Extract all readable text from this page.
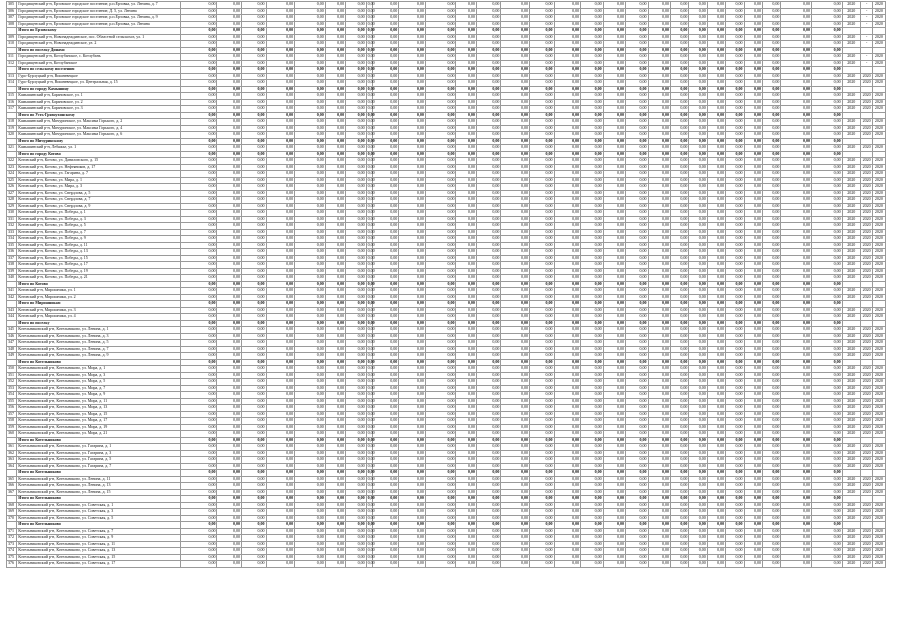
305	Городищенский р-н, Ерзовское городское поселение, р.п.Ерзовка, ул. Ленина, д. 7	0,00	0,00	0,00	0,00	0,00	0,00	0,00	0,00	0,00	0,00	0,00	0,00	0,00	0,00	0,00	0,00	0,00	0,00	0,00	0,00	0,00	0,00	0,00	0,00	0,00	0,00	0,00	0,00	2020	-	2020
306	Городищенский р-н, Ерзовское городское поселение, Д. 5, ул. Ленина	0,00	0,00	0,00	0,00	0,00	0,00	0,00	0,00	0,00	0,00	0,00	0,00	0,00	0,00	0,00	0,00	0,00	0,00	0,00	0,00	0,00	0,00	0,00	0,00	0,00	0,00	0,00	0,00	2020	-	2020
307	Городищенский р-н, Ерзовское городское поселение, р.п.Ерзовка, ул. Ленина, д. 9	0,00	0,00	0,00	0,00	0,00	0,00	0,00	0,00	0,00	0,00	0,00	0,00	0,00	0,00	0,00	0,00	0,00	0,00	0,00	0,00	0,00	0,00	0,00	0,00	0,00	0,00	0,00	0,00	2020	-	2020
308	Городищенский р-н, Ерзовское городское поселение, р.п.Ерзовка, ул. Ленина	0,00	0,00	0,00	0,00	0,00	0,00	0,00	0,00	0,00	0,00	0,00	0,00	0,00	0,00	0,00	0,00	0,00	0,00	0,00	0,00	0,00	0,00	0,00	0,00	0,00	0,00	0,00	0,00	2020	-	2020
	Итого по Ерзовскому	0,00	0,00	0,00	0,00	0,00	0,00	0,00	0,00	0,00	0,00	0,00	0,00	0,00	0,00	0,00	0,00	0,00	0,00	0,00	0,00	0,00	0,00	0,00	0,00	0,00	0,00	0,00	0,00			
309	Городищенский р-н, Новонадеждинское, пос. Областной сельскохоз, ул. 1	0,00	0,00	0,00	0,00	0,00	0,00	0,00	0,00	0,00	0,00	0,00	0,00	0,00	0,00	0,00	0,00	0,00	0,00	0,00	0,00	0,00	0,00	0,00	0,00	0,00	0,00	0,00	0,00	2020	-	2020
310	Городищенский р-н, Новонадеждинское, ул. 2	0,00	0,00	0,00	0,00	0,00	0,00	0,00	0,00	0,00	0,00	0,00	0,00	0,00	0,00	0,00	0,00	0,00	0,00	0,00	0,00	0,00	0,00	0,00	0,00	0,00	0,00	0,00	0,00	2020	-	2020
	Итого по поселку Динамо	0,00	0,00	0,00	0,00	0,00	0,00	0,00	0,00	0,00	0,00	0,00	0,00	0,00	0,00	0,00	0,00	0,00	0,00	0,00	0,00	0,00	0,00	0,00	0,00	0,00	0,00	0,00	0,00			
311	Городищенский р-н, Котлубанское, с. Котлубань	0,00	0,00	0,00	0,00	0,00	0,00	0,00	0,00	0,00	0,00	0,00	0,00	0,00	0,00	0,00	0,00	0,00	0,00	0,00	0,00	0,00	0,00	0,00	0,00	0,00	0,00	0,00	0,00	2020	-	2020
312	Городищенский р-н, Котлубанское	0,00	0,00	0,00	0,00	0,00	0,00	0,00	0,00	0,00	0,00	0,00	0,00	0,00	0,00	0,00	0,00	0,00	0,00	0,00	0,00	0,00	0,00	0,00	0,00	0,00	0,00	0,00	0,00	2020	-	2020
	Итого по сельскому поселению	0,00	0,00	0,00	0,00	0,00	0,00	0,00	0,00	0,00	0,00	0,00	0,00	0,00	0,00	0,00	0,00	0,00	0,00	0,00	0,00	0,00	0,00	0,00	0,00	0,00	0,00	0,00	0,00			
313	Гуро-Бурлуцкий р-н, Вишневецкое	0,00	0,00	0,00	0,00	0,00	0,00	0,00	0,00	0,00	0,00	0,00	0,00	0,00	0,00	0,00	0,00	0,00	0,00	0,00	0,00	0,00	0,00	0,00	0,00	0,00	0,00	0,00	0,00	2020	2020	2020
314	Гуро-Бурлуцкий р-н, Вишневецкое, ул. Центральная, д. 15	0,00	0,00	0,00	0,00	0,00	0,00	0,00	0,00	0,00	0,00	0,00	0,00	0,00	0,00	0,00	0,00	0,00	0,00	0,00	0,00	0,00	0,00	0,00	0,00	0,00	0,00	0,00	0,00	2020	2020	2020
	Итого по городу Камышину	0,00	0,00	0,00	0,00	0,00	0,00	0,00	0,00	0,00	0,00	0,00	0,00	0,00	0,00	0,00	0,00	0,00	0,00	0,00	0,00	0,00	0,00	0,00	0,00	0,00	0,00	0,00	0,00			
315	Камышинский р-н, Барановское, ул. 1	0,00	0,00	0,00	0,00	0,00	0,00	0,00	0,00	0,00	0,00	0,00	0,00	0,00	0,00	0,00	0,00	0,00	0,00	0,00	0,00	0,00	0,00	0,00	0,00	0,00	0,00	0,00	0,00	2020	2020	2020
316	Камышинский р-н, Барановское, ул. 2	0,00	0,00	0,00	0,00	0,00	0,00	0,00	0,00	0,00	0,00	0,00	0,00	0,00	0,00	0,00	0,00	0,00	0,00	0,00	0,00	0,00	0,00	0,00	0,00	0,00	0,00	0,00	0,00	2020	2020	2020
317	Камышинский р-н, Барановское, ул. 3	0,00	0,00	0,00	0,00	0,00	0,00	0,00	0,00	0,00	0,00	0,00	0,00	0,00	0,00	0,00	0,00	0,00	0,00	0,00	0,00	0,00	0,00	0,00	0,00	0,00	0,00	0,00	0,00	2020	2020	2020
	Итого по Усть-Грязнухинскому	0,00	0,00	0,00	0,00	0,00	0,00	0,00	0,00	0,00	0,00	0,00	0,00	0,00	0,00	0,00	0,00	0,00	0,00	0,00	0,00	0,00	0,00	0,00	0,00	0,00	0,00	0,00	0,00			
318	Камышинский р-н, Мичуринское, ул. Максима Горького, д. 2	0,00	0,00	0,00	0,00	0,00	0,00	0,00	0,00	0,00	0,00	0,00	0,00	0,00	0,00	0,00	0,00	0,00	0,00	0,00	0,00	0,00	0,00	0,00	0,00	0,00	0,00	0,00	0,00	2020	2020	2020
319	Камышинский р-н, Мичуринское, ул. Максима Горького, д. 4	0,00	0,00	0,00	0,00	0,00	0,00	0,00	0,00	0,00	0,00	0,00	0,00	0,00	0,00	0,00	0,00	0,00	0,00	0,00	0,00	0,00	0,00	0,00	0,00	0,00	0,00	0,00	0,00	2020	2020	2020
320	Камышинский р-н, Мичуринское, ул. Максима Горького, д. 6	0,00	0,00	0,00	0,00	0,00	0,00	0,00	0,00	0,00	0,00	0,00	0,00	0,00	0,00	0,00	0,00	0,00	0,00	0,00	0,00	0,00	0,00	0,00	0,00	0,00	0,00	0,00	0,00	2020	2020	2020
	Итого по Мичуринскому	0,00	0,00	0,00	0,00	0,00	0,00	0,00	0,00	0,00	0,00	0,00	0,00	0,00	0,00	0,00	0,00	0,00	0,00	0,00	0,00	0,00	0,00	0,00	0,00	0,00	0,00	0,00	0,00			
321	Камышинский р-н, Лебяжье, ул. 1	0,00	0,00	0,00	0,00	0,00	0,00	0,00	0,00	0,00	0,00	0,00	0,00	0,00	0,00	0,00	0,00	0,00	0,00	0,00	0,00	0,00	0,00	0,00	0,00	0,00	0,00	0,00	0,00	2020	2020	2020
	Итого по городу Котово	0,00	0,00	0,00	0,00	0,00	0,00	0,00	0,00	0,00	0,00	0,00	0,00	0,00	0,00	0,00	0,00	0,00	0,00	0,00	0,00	0,00	0,00	0,00	0,00	0,00	0,00	0,00	0,00			
322	Котовский р-н, Котово, ул. Даниловского, д. 15	0,00	0,00	0,00	0,00	0,00	0,00	0,00	0,00	0,00	0,00	0,00	0,00	0,00	0,00	0,00	0,00	0,00	0,00	0,00	0,00	0,00	0,00	0,00	0,00	0,00	0,00	0,00	0,00	2020	2020	2020
323	Котовский р-н, Котово, ул. Нефтяников, д. 17	0,00	0,00	0,00	0,00	0,00	0,00	0,00	0,00	0,00	0,00	0,00	0,00	0,00	0,00	0,00	0,00	0,00	0,00	0,00	0,00	0,00	0,00	0,00	0,00	0,00	0,00	0,00	0,00	2020	2020	2020
324	Котовский р-н, Котово, ул. Гагарина, д. 7	0,00	0,00	0,00	0,00	0,00	0,00	0,00	0,00	0,00	0,00	0,00	0,00	0,00	0,00	0,00	0,00	0,00	0,00	0,00	0,00	0,00	0,00	0,00	0,00	0,00	0,00	0,00	0,00	2020	2020	2020
325	Котовский р-н, Котово, ул. Мира, д. 1	0,00	0,00	0,00	0,00	0,00	0,00	0,00	0,00	0,00	0,00	0,00	0,00	0,00	0,00	0,00	0,00	0,00	0,00	0,00	0,00	0,00	0,00	0,00	0,00	0,00	0,00	0,00	0,00	2020	2020	2020
326	Котовский р-н, Котово, ул. Мира, д. 3	0,00	0,00	0,00	0,00	0,00	0,00	0,00	0,00	0,00	0,00	0,00	0,00	0,00	0,00	0,00	0,00	0,00	0,00	0,00	0,00	0,00	0,00	0,00	0,00	0,00	0,00	0,00	0,00	2020	2020	2020
327	Котовский р-н, Котово, ул. Свердлова, д. 5	0,00	0,00	0,00	0,00	0,00	0,00	0,00	0,00	0,00	0,00	0,00	0,00	0,00	0,00	0,00	0,00	0,00	0,00	0,00	0,00	0,00	0,00	0,00	0,00	0,00	0,00	0,00	0,00	2020	2020	2020
328	Котовский р-н, Котово, ул. Свердлова, д. 7	0,00	0,00	0,00	0,00	0,00	0,00	0,00	0,00	0,00	0,00	0,00	0,00	0,00	0,00	0,00	0,00	0,00	0,00	0,00	0,00	0,00	0,00	0,00	0,00	0,00	0,00	0,00	0,00	2020	2020	2020
329	Котовский р-н, Котово, ул. Свердлова, д. 9	0,00	0,00	0,00	0,00	0,00	0,00	0,00	0,00	0,00	0,00	0,00	0,00	0,00	0,00	0,00	0,00	0,00	0,00	0,00	0,00	0,00	0,00	0,00	0,00	0,00	0,00	0,00	0,00	2020	2020	2020
330	Котовский р-н, Котово, ул. Победы, д. 1	0,00	0,00	0,00	0,00	0,00	0,00	0,00	0,00	0,00	0,00	0,00	0,00	0,00	0,00	0,00	0,00	0,00	0,00	0,00	0,00	0,00	0,00	0,00	0,00	0,00	0,00	0,00	0,00	2020	2020	2020
331	Котовский р-н, Котово, ул. Победы, д. 3	0,00	0,00	0,00	0,00	0,00	0,00	0,00	0,00	0,00	0,00	0,00	0,00	0,00	0,00	0,00	0,00	0,00	0,00	0,00	0,00	0,00	0,00	0,00	0,00	0,00	0,00	0,00	0,00	2020	2020	2020
332	Котовский р-н, Котово, ул. Победы, д. 5	0,00	0,00	0,00	0,00	0,00	0,00	0,00	0,00	0,00	0,00	0,00	0,00	0,00	0,00	0,00	0,00	0,00	0,00	0,00	0,00	0,00	0,00	0,00	0,00	0,00	0,00	0,00	0,00	2020	2020	2020
333	Котовский р-н, Котово, ул. Победы, д. 7	0,00	0,00	0,00	0,00	0,00	0,00	0,00	0,00	0,00	0,00	0,00	0,00	0,00	0,00	0,00	0,00	0,00	0,00	0,00	0,00	0,00	0,00	0,00	0,00	0,00	0,00	0,00	0,00	2020	2020	2020
334	Котовский р-н, Котово, ул. Победы, д. 9	0,00	0,00	0,00	0,00	0,00	0,00	0,00	0,00	0,00	0,00	0,00	0,00	0,00	0,00	0,00	0,00	0,00	0,00	0,00	0,00	0,00	0,00	0,00	0,00	0,00	0,00	0,00	0,00	2020	2020	2020
335	Котовский р-н, Котово, ул. Победы, д. 11	0,00	0,00	0,00	0,00	0,00	0,00	0,00	0,00	0,00	0,00	0,00	0,00	0,00	0,00	0,00	0,00	0,00	0,00	0,00	0,00	0,00	0,00	0,00	0,00	0,00	0,00	0,00	0,00	2020	2020	2020
336	Котовский р-н, Котово, ул. Победы, д. 13	0,00	0,00	0,00	0,00	0,00	0,00	0,00	0,00	0,00	0,00	0,00	0,00	0,00	0,00	0,00	0,00	0,00	0,00	0,00	0,00	0,00	0,00	0,00	0,00	0,00	0,00	0,00	0,00	2020	2020	2020
337	Котовский р-н, Котово, ул. Победы, д. 15	0,00	0,00	0,00	0,00	0,00	0,00	0,00	0,00	0,00	0,00	0,00	0,00	0,00	0,00	0,00	0,00	0,00	0,00	0,00	0,00	0,00	0,00	0,00	0,00	0,00	0,00	0,00	0,00	2020	2020	2020
338	Котовский р-н, Котово, ул. Победы, д. 17	0,00	0,00	0,00	0,00	0,00	0,00	0,00	0,00	0,00	0,00	0,00	0,00	0,00	0,00	0,00	0,00	0,00	0,00	0,00	0,00	0,00	0,00	0,00	0,00	0,00	0,00	0,00	0,00	2020	2020	2020
339	Котовский р-н, Котово, ул. Победы, д. 19	0,00	0,00	0,00	0,00	0,00	0,00	0,00	0,00	0,00	0,00	0,00	0,00	0,00	0,00	0,00	0,00	0,00	0,00	0,00	0,00	0,00	0,00	0,00	0,00	0,00	0,00	0,00	0,00	2020	2020	2020
340	Котовский р-н, Котово, ул. Победы, д. 21	0,00	0,00	0,00	0,00	0,00	0,00	0,00	0,00	0,00	0,00	0,00	0,00	0,00	0,00	0,00	0,00	0,00	0,00	0,00	0,00	0,00	0,00	0,00	0,00	0,00	0,00	0,00	0,00	2020	2020	2020
	Итого по Котово	0,00	0,00	0,00	0,00	0,00	0,00	0,00	0,00	0,00	0,00	0,00	0,00	0,00	0,00	0,00	0,00	0,00	0,00	0,00	0,00	0,00	0,00	0,00	0,00	0,00	0,00	0,00	0,00			
341	Котовский р-н, Мирошники, ул. 1	0,00	0,00	0,00	0,00	0,00	0,00	0,00	0,00	0,00	0,00	0,00	0,00	0,00	0,00	0,00	0,00	0,00	0,00	0,00	0,00	0,00	0,00	0,00	0,00	0,00	0,00	0,00	0,00	2020	2020	2020
342	Котовский р-н, Мирошники, ул. 2	0,00	0,00	0,00	0,00	0,00	0,00	0,00	0,00	0,00	0,00	0,00	0,00	0,00	0,00	0,00	0,00	0,00	0,00	0,00	0,00	0,00	0,00	0,00	0,00	0,00	0,00	0,00	0,00	2020	2020	2020
	Итого по Мирошникам	0,00	0,00	0,00	0,00	0,00	0,00	0,00	0,00	0,00	0,00	0,00	0,00	0,00	0,00	0,00	0,00	0,00	0,00	0,00	0,00	0,00	0,00	0,00	0,00	0,00	0,00	0,00	0,00			
343	Котовский р-н, Мирошники, ул. 3	0,00	0,00	0,00	0,00	0,00	0,00	0,00	0,00	0,00	0,00	0,00	0,00	0,00	0,00	0,00	0,00	0,00	0,00	0,00	0,00	0,00	0,00	0,00	0,00	0,00	0,00	0,00	0,00	2020	2020	2020
344	Котовский р-н, Мирошники, ул. 4	0,00	0,00	0,00	0,00	0,00	0,00	0,00	0,00	0,00	0,00	0,00	0,00	0,00	0,00	0,00	0,00	0,00	0,00	0,00	0,00	0,00	0,00	0,00	0,00	0,00	0,00	0,00	0,00	2020	2020	2020
	Итого по поселку	0,00	0,00	0,00	0,00	0,00	0,00	0,00	0,00	0,00	0,00	0,00	0,00	0,00	0,00	0,00	0,00	0,00	0,00	0,00	0,00	0,00	0,00	0,00	0,00	0,00	0,00	0,00	0,00			
345	Котельниковский р-н, Котельниково, ул. Ленина, д. 1	0,00	0,00	0,00	0,00	0,00	0,00	0,00	0,00	0,00	0,00	0,00	0,00	0,00	0,00	0,00	0,00	0,00	0,00	0,00	0,00	0,00	0,00	0,00	0,00	0,00	0,00	0,00	0,00	2020	2020	2020
346	Котельниковский р-н, Котельниково, ул. Ленина, д. 3	0,00	0,00	0,00	0,00	0,00	0,00	0,00	0,00	0,00	0,00	0,00	0,00	0,00	0,00	0,00	0,00	0,00	0,00	0,00	0,00	0,00	0,00	0,00	0,00	0,00	0,00	0,00	0,00	2020	2020	2020
347	Котельниковский р-н, Котельниково, ул. Ленина, д. 5	0,00	0,00	0,00	0,00	0,00	0,00	0,00	0,00	0,00	0,00	0,00	0,00	0,00	0,00	0,00	0,00	0,00	0,00	0,00	0,00	0,00	0,00	0,00	0,00	0,00	0,00	0,00	0,00	2020	2020	2020
348	Котельниковский р-н, Котельниково, ул. Ленина, д. 7	0,00	0,00	0,00	0,00	0,00	0,00	0,00	0,00	0,00	0,00	0,00	0,00	0,00	0,00	0,00	0,00	0,00	0,00	0,00	0,00	0,00	0,00	0,00	0,00	0,00	0,00	0,00	0,00	2020	2020	2020
349	Котельниковский р-н, Котельниково, ул. Ленина, д. 9	0,00	0,00	0,00	0,00	0,00	0,00	0,00	0,00	0,00	0,00	0,00	0,00	0,00	0,00	0,00	0,00	0,00	0,00	0,00	0,00	0,00	0,00	0,00	0,00	0,00	0,00	0,00	0,00	2020	2020	2020
	Итого по Котельниково	0,00	0,00	0,00	0,00	0,00	0,00	0,00	0,00	0,00	0,00	0,00	0,00	0,00	0,00	0,00	0,00	0,00	0,00	0,00	0,00	0,00	0,00	0,00	0,00	0,00	0,00	0,00	0,00			
350	Котельниковский р-н, Котельниково, ул. Мира, д. 1	0,00	0,00	0,00	0,00	0,00	0,00	0,00	0,00	0,00	0,00	0,00	0,00	0,00	0,00	0,00	0,00	0,00	0,00	0,00	0,00	0,00	0,00	0,00	0,00	0,00	0,00	0,00	0,00	2020	2020	2020
351	Котельниковский р-н, Котельниково, ул. Мира, д. 3	0,00	0,00	0,00	0,00	0,00	0,00	0,00	0,00	0,00	0,00	0,00	0,00	0,00	0,00	0,00	0,00	0,00	0,00	0,00	0,00	0,00	0,00	0,00	0,00	0,00	0,00	0,00	0,00	2020	2020	2020
352	Котельниковский р-н, Котельниково, ул. Мира, д. 5	0,00	0,00	0,00	0,00	0,00	0,00	0,00	0,00	0,00	0,00	0,00	0,00	0,00	0,00	0,00	0,00	0,00	0,00	0,00	0,00	0,00	0,00	0,00	0,00	0,00	0,00	0,00	0,00	2020	2020	2020
353	Котельниковский р-н, Котельниково, ул. Мира, д. 7	0,00	0,00	0,00	0,00	0,00	0,00	0,00	0,00	0,00	0,00	0,00	0,00	0,00	0,00	0,00	0,00	0,00	0,00	0,00	0,00	0,00	0,00	0,00	0,00	0,00	0,00	0,00	0,00	2020	2020	2020
354	Котельниковский р-н, Котельниково, ул. Мира, д. 9	0,00	0,00	0,00	0,00	0,00	0,00	0,00	0,00	0,00	0,00	0,00	0,00	0,00	0,00	0,00	0,00	0,00	0,00	0,00	0,00	0,00	0,00	0,00	0,00	0,00	0,00	0,00	0,00	2020	2020	2020
355	Котельниковский р-н, Котельниково, ул. Мира, д. 11	0,00	0,00	0,00	0,00	0,00	0,00	0,00	0,00	0,00	0,00	0,00	0,00	0,00	0,00	0,00	0,00	0,00	0,00	0,00	0,00	0,00	0,00	0,00	0,00	0,00	0,00	0,00	0,00	2020	2020	2020
356	Котельниковский р-н, Котельниково, ул. Мира, д. 13	0,00	0,00	0,00	0,00	0,00	0,00	0,00	0,00	0,00	0,00	0,00	0,00	0,00	0,00	0,00	0,00	0,00	0,00	0,00	0,00	0,00	0,00	0,00	0,00	0,00	0,00	0,00	0,00	2020	2020	2020
357	Котельниковский р-н, Котельниково, ул. Мира, д. 15	0,00	0,00	0,00	0,00	0,00	0,00	0,00	0,00	0,00	0,00	0,00	0,00	0,00	0,00	0,00	0,00	0,00	0,00	0,00	0,00	0,00	0,00	0,00	0,00	0,00	0,00	0,00	0,00	2020	2020	2020
358	Котельниковский р-н, Котельниково, ул. Мира, д. 17	0,00	0,00	0,00	0,00	0,00	0,00	0,00	0,00	0,00	0,00	0,00	0,00	0,00	0,00	0,00	0,00	0,00	0,00	0,00	0,00	0,00	0,00	0,00	0,00	0,00	0,00	0,00	0,00	2020	2020	2020
359	Котельниковский р-н, Котельниково, ул. Мира, д. 19	0,00	0,00	0,00	0,00	0,00	0,00	0,00	0,00	0,00	0,00	0,00	0,00	0,00	0,00	0,00	0,00	0,00	0,00	0,00	0,00	0,00	0,00	0,00	0,00	0,00	0,00	0,00	0,00	2020	2020	2020
360	Котельниковский р-н, Котельниково, ул. Мира, д. 21	0,00	0,00	0,00	0,00	0,00	0,00	0,00	0,00	0,00	0,00	0,00	0,00	0,00	0,00	0,00	0,00	0,00	0,00	0,00	0,00	0,00	0,00	0,00	0,00	0,00	0,00	0,00	0,00	2020	2020	2020
	Итого по Котельниково	0,00	0,00	0,00	0,00	0,00	0,00	0,00	0,00	0,00	0,00	0,00	0,00	0,00	0,00	0,00	0,00	0,00	0,00	0,00	0,00	0,00	0,00	0,00	0,00	0,00	0,00	0,00	0,00			
361	Котельниковский р-н, Котельниково, ул. Гагарина, д. 1	0,00	0,00	0,00	0,00	0,00	0,00	0,00	0,00	0,00	0,00	0,00	0,00	0,00	0,00	0,00	0,00	0,00	0,00	0,00	0,00	0,00	0,00	0,00	0,00	0,00	0,00	0,00	0,00	2020	2020	2020
362	Котельниковский р-н, Котельниково, ул. Гагарина, д. 3	0,00	0,00	0,00	0,00	0,00	0,00	0,00	0,00	0,00	0,00	0,00	0,00	0,00	0,00	0,00	0,00	0,00	0,00	0,00	0,00	0,00	0,00	0,00	0,00	0,00	0,00	0,00	0,00	2020	2020	2020
363	Котельниковский р-н, Котельниково, ул. Гагарина, д. 5	0,00	0,00	0,00	0,00	0,00	0,00	0,00	0,00	0,00	0,00	0,00	0,00	0,00	0,00	0,00	0,00	0,00	0,00	0,00	0,00	0,00	0,00	0,00	0,00	0,00	0,00	0,00	0,00	2020	2020	2020
364	Котельниковский р-н, Котельниково, ул. Гагарина, д. 7	0,00	0,00	0,00	0,00	0,00	0,00	0,00	0,00	0,00	0,00	0,00	0,00	0,00	0,00	0,00	0,00	0,00	0,00	0,00	0,00	0,00	0,00	0,00	0,00	0,00	0,00	0,00	0,00	2020	2020	2020
	Итого по Котельниково	0,00	0,00	0,00	0,00	0,00	0,00	0,00	0,00	0,00	0,00	0,00	0,00	0,00	0,00	0,00	0,00	0,00	0,00	0,00	0,00	0,00	0,00	0,00	0,00	0,00	0,00	0,00	0,00			
365	Котельниковский р-н, Котельниково, ул. Ленина, д. 11	0,00	0,00	0,00	0,00	0,00	0,00	0,00	0,00	0,00	0,00	0,00	0,00	0,00	0,00	0,00	0,00	0,00	0,00	0,00	0,00	0,00	0,00	0,00	0,00	0,00	0,00	0,00	0,00	2020	2020	2020
366	Котельниковский р-н, Котельниково, ул. Ленина, д. 13	0,00	0,00	0,00	0,00	0,00	0,00	0,00	0,00	0,00	0,00	0,00	0,00	0,00	0,00	0,00	0,00	0,00	0,00	0,00	0,00	0,00	0,00	0,00	0,00	0,00	0,00	0,00	0,00	2020	2020	2020
367	Котельниковский р-н, Котельниково, ул. Ленина, д. 15	0,00	0,00	0,00	0,00	0,00	0,00	0,00	0,00	0,00	0,00	0,00	0,00	0,00	0,00	0,00	0,00	0,00	0,00	0,00	0,00	0,00	0,00	0,00	0,00	0,00	0,00	0,00	0,00	2020	2020	2020
	Итого по Котельниково	0,00	0,00	0,00	0,00	0,00	0,00	0,00	0,00	0,00	0,00	0,00	0,00	0,00	0,00	0,00	0,00	0,00	0,00	0,00	0,00	0,00	0,00	0,00	0,00	0,00	0,00	0,00	0,00			
368	Котельниковский р-н, Котельниково, ул. Советская, д. 1	0,00	0,00	0,00	0,00	0,00	0,00	0,00	0,00	0,00	0,00	0,00	0,00	0,00	0,00	0,00	0,00	0,00	0,00	0,00	0,00	0,00	0,00	0,00	0,00	0,00	0,00	0,00	0,00	2020	2020	2020
369	Котельниковский р-н, Котельниково, ул. Советская, д. 3	0,00	0,00	0,00	0,00	0,00	0,00	0,00	0,00	0,00	0,00	0,00	0,00	0,00	0,00	0,00	0,00	0,00	0,00	0,00	0,00	0,00	0,00	0,00	0,00	0,00	0,00	0,00	0,00	2020	2020	2020
370	Котельниковский р-н, Котельниково, ул. Советская, д. 5	0,00	0,00	0,00	0,00	0,00	0,00	0,00	0,00	0,00	0,00	0,00	0,00	0,00	0,00	0,00	0,00	0,00	0,00	0,00	0,00	0,00	0,00	0,00	0,00	0,00	0,00	0,00	0,00	2020	2020	2020
	Итого по Котельниково	0,00	0,00	0,00	0,00	0,00	0,00	0,00	0,00	0,00	0,00	0,00	0,00	0,00	0,00	0,00	0,00	0,00	0,00	0,00	0,00	0,00	0,00	0,00	0,00	0,00	0,00	0,00	0,00			
371	Котельниковский р-н, Котельниково, ул. Советская, д. 7	0,00	0,00	0,00	0,00	0,00	0,00	0,00	0,00	0,00	0,00	0,00	0,00	0,00	0,00	0,00	0,00	0,00	0,00	0,00	0,00	0,00	0,00	0,00	0,00	0,00	0,00	0,00	0,00	2020	2020	2020
372	Котельниковский р-н, Котельниково, ул. Советская, д. 9	0,00	0,00	0,00	0,00	0,00	0,00	0,00	0,00	0,00	0,00	0,00	0,00	0,00	0,00	0,00	0,00	0,00	0,00	0,00	0,00	0,00	0,00	0,00	0,00	0,00	0,00	0,00	0,00	2020	2020	2020
373	Котельниковский р-н, Котельниково, ул. Советская, д. 11	0,00	0,00	0,00	0,00	0,00	0,00	0,00	0,00	0,00	0,00	0,00	0,00	0,00	0,00	0,00	0,00	0,00	0,00	0,00	0,00	0,00	0,00	0,00	0,00	0,00	0,00	0,00	0,00	2020	2020	2020
374	Котельниковский р-н, Котельниково, ул. Советская, д. 13	0,00	0,00	0,00	0,00	0,00	0,00	0,00	0,00	0,00	0,00	0,00	0,00	0,00	0,00	0,00	0,00	0,00	0,00	0,00	0,00	0,00	0,00	0,00	0,00	0,00	0,00	0,00	0,00	2020	2020	2020
375	Котельниковский р-н, Котельниково, ул. Советская, д. 15	0,00	0,00	0,00	0,00	0,00	0,00	0,00	0,00	0,00	0,00	0,00	0,00	0,00	0,00	0,00	0,00	0,00	0,00	0,00	0,00	0,00	0,00	0,00	0,00	0,00	0,00	0,00	0,00	2020	2020	2020
376	Котельниковский р-н, Котельниково, ул. Советская, д. 17	0,00	0,00	0,00	0,00	0,00	0,00	0,00	0,00	0,00	0,00	0,00	0,00	0,00	0,00	0,00	0,00	0,00	0,00	0,00	0,00	0,00	0,00	0,00	0,00	0,00	0,00	0,00	0,00	2020	2020	2020
